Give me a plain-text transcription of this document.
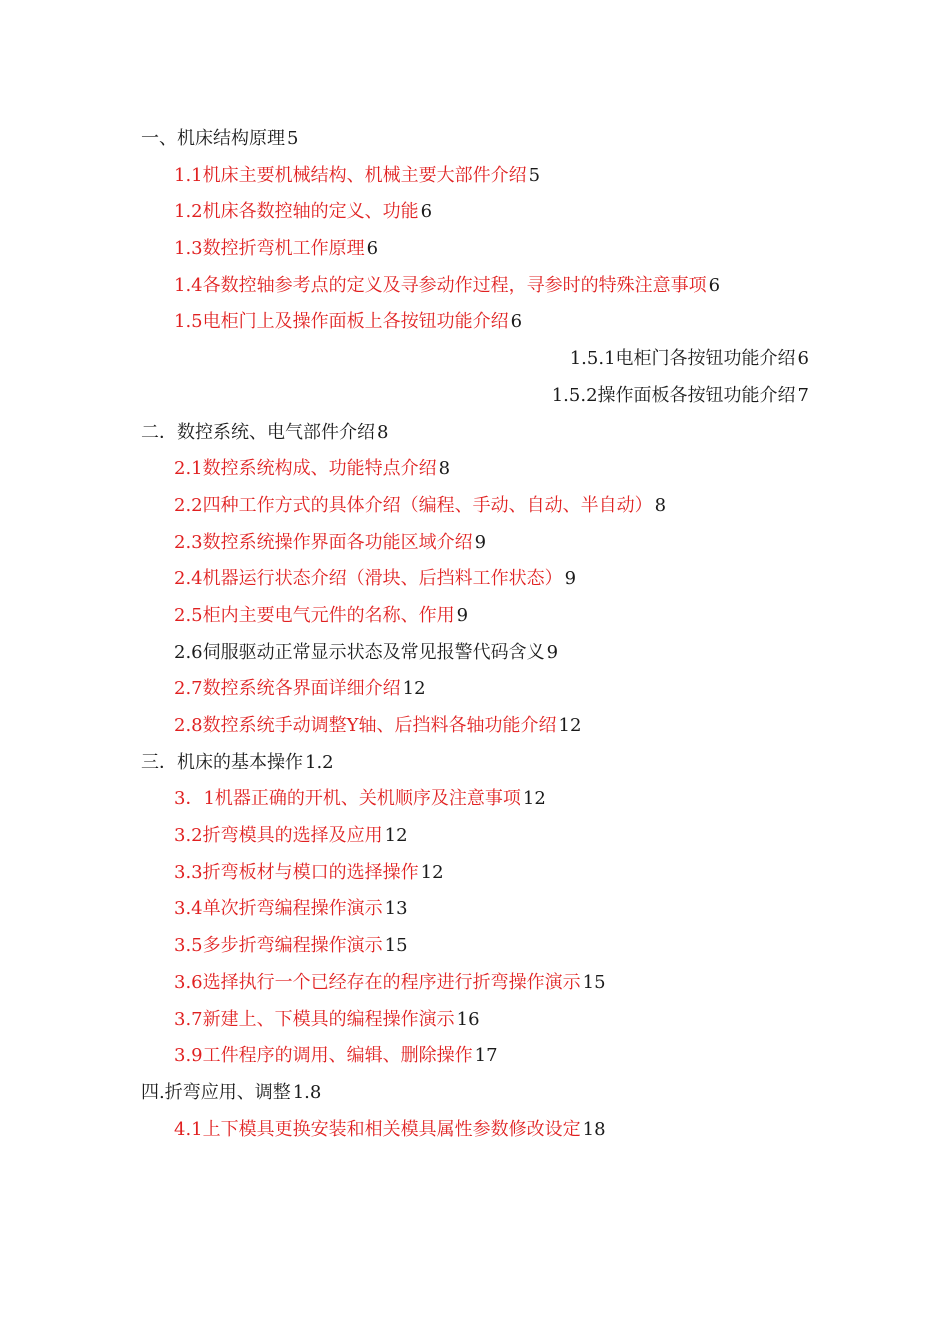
一、机床结构原理 5
1.1机床主要机械结构、机械主要大部件介绍 5
1.2机床各数控轴的定义、功能 6
1.3数控折弯机工作原理 6
1.4各数控轴参考点的定义及寻参动作过程，寻参时的特殊注意事项 6
1.5电柜门上及操作面板上各按钮功能介绍 6
1.5.1电柜门各按钮功能介绍 6
1.5.2操作面板各按钮功能介绍 7
二．数控系统、电气部件介绍 8
2.1数控系统构成、功能特点介绍 8
2.2四种工作方式的具体介绍（编程、手动、自动、半自动） 8
2.3数控系统操作界面各功能区域介绍 9
2.4机器运行状态介绍（滑块、后挡料工作状态） 9
2.5柜内主要电气元件的名称、作用 9
2.6伺服驱动正常显示状态及常见报警代码含义 9
2.7数控系统各界面详细介绍 12
2.8数控系统手动调整Y轴、后挡料各轴功能介绍 12
三．机床的基本操作 1.2
3．1机器正确的开机、关机顺序及注意事项 12
3.2折弯模具的选择及应用 12
3.3折弯板材与模口的选择操作 12
3.4单次折弯编程操作演示 13
3.5多步折弯编程操作演示 15
3.6选择执行一个已经存在的程序进行折弯操作演示 15
3.7新建上、下模具的编程操作演示 16
3.9工件程序的调用、编辑、删除操作 17
四.折弯应用、调整 1.8
4.1上下模具更换安装和相关模具属性参数修改设定 18
